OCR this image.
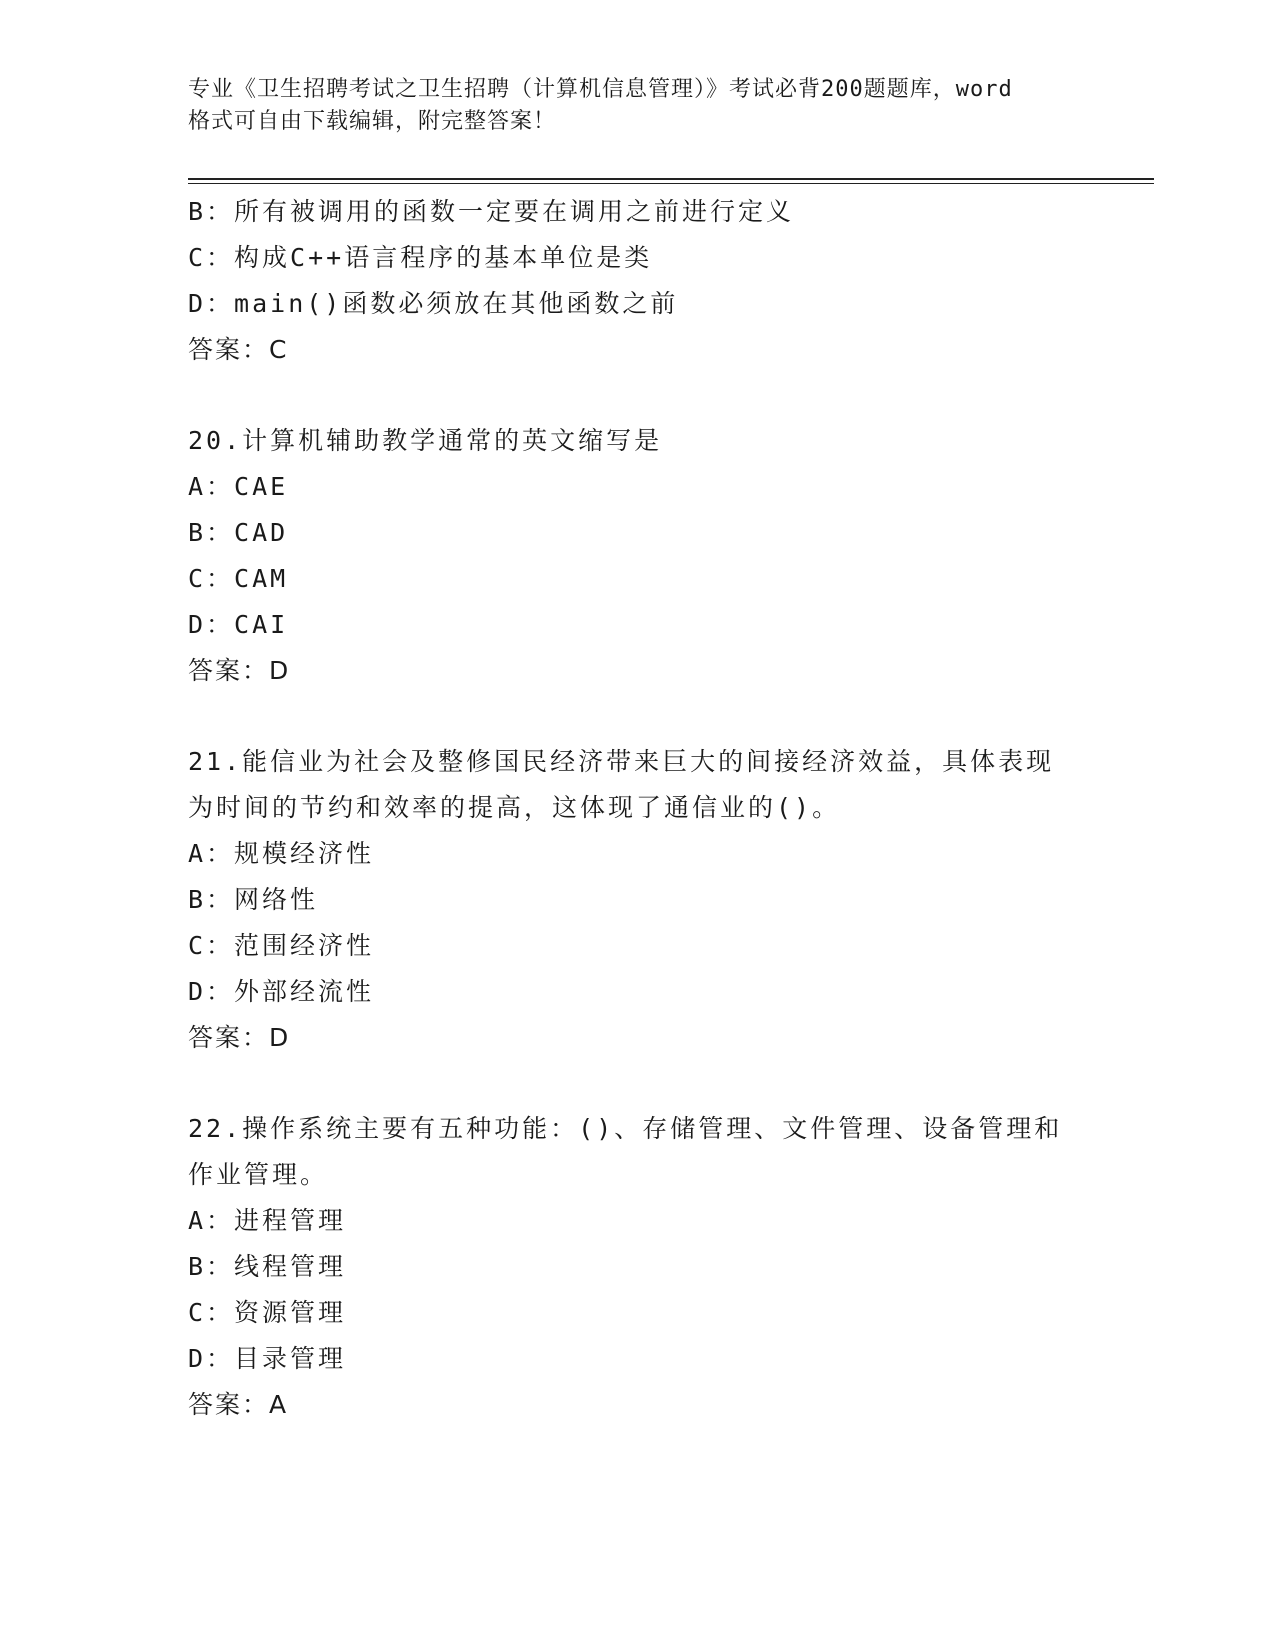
专业《卫生招聘考试之卫生招聘（计算机信息管理）》考试必背200题题库，word
格式可自由下载编辑，附完整答案！
B：所有被调用的函数一定要在调用之前进行定义
C：构成C++语言程序的基本单位是类
D：main()函数必须放在其他函数之前
答案：C
20.计算机辅助教学通常的英文缩写是
A：CAE
B：CAD
C：CAM
D：CAI
答案：D
21.能信业为社会及整修国民经济带来巨大的间接经济效益，具体表现
为时间的节约和效率的提高，这体现了通信业的()。
A：规模经济性
B：网络性
C：范围经济性
D：外部经流性
答案：D
22.操作系统主要有五种功能：()、存储管理、文件管理、设备管理和
作业管理。
A：进程管理
B：线程管理
C：资源管理
D：目录管理
答案：A
